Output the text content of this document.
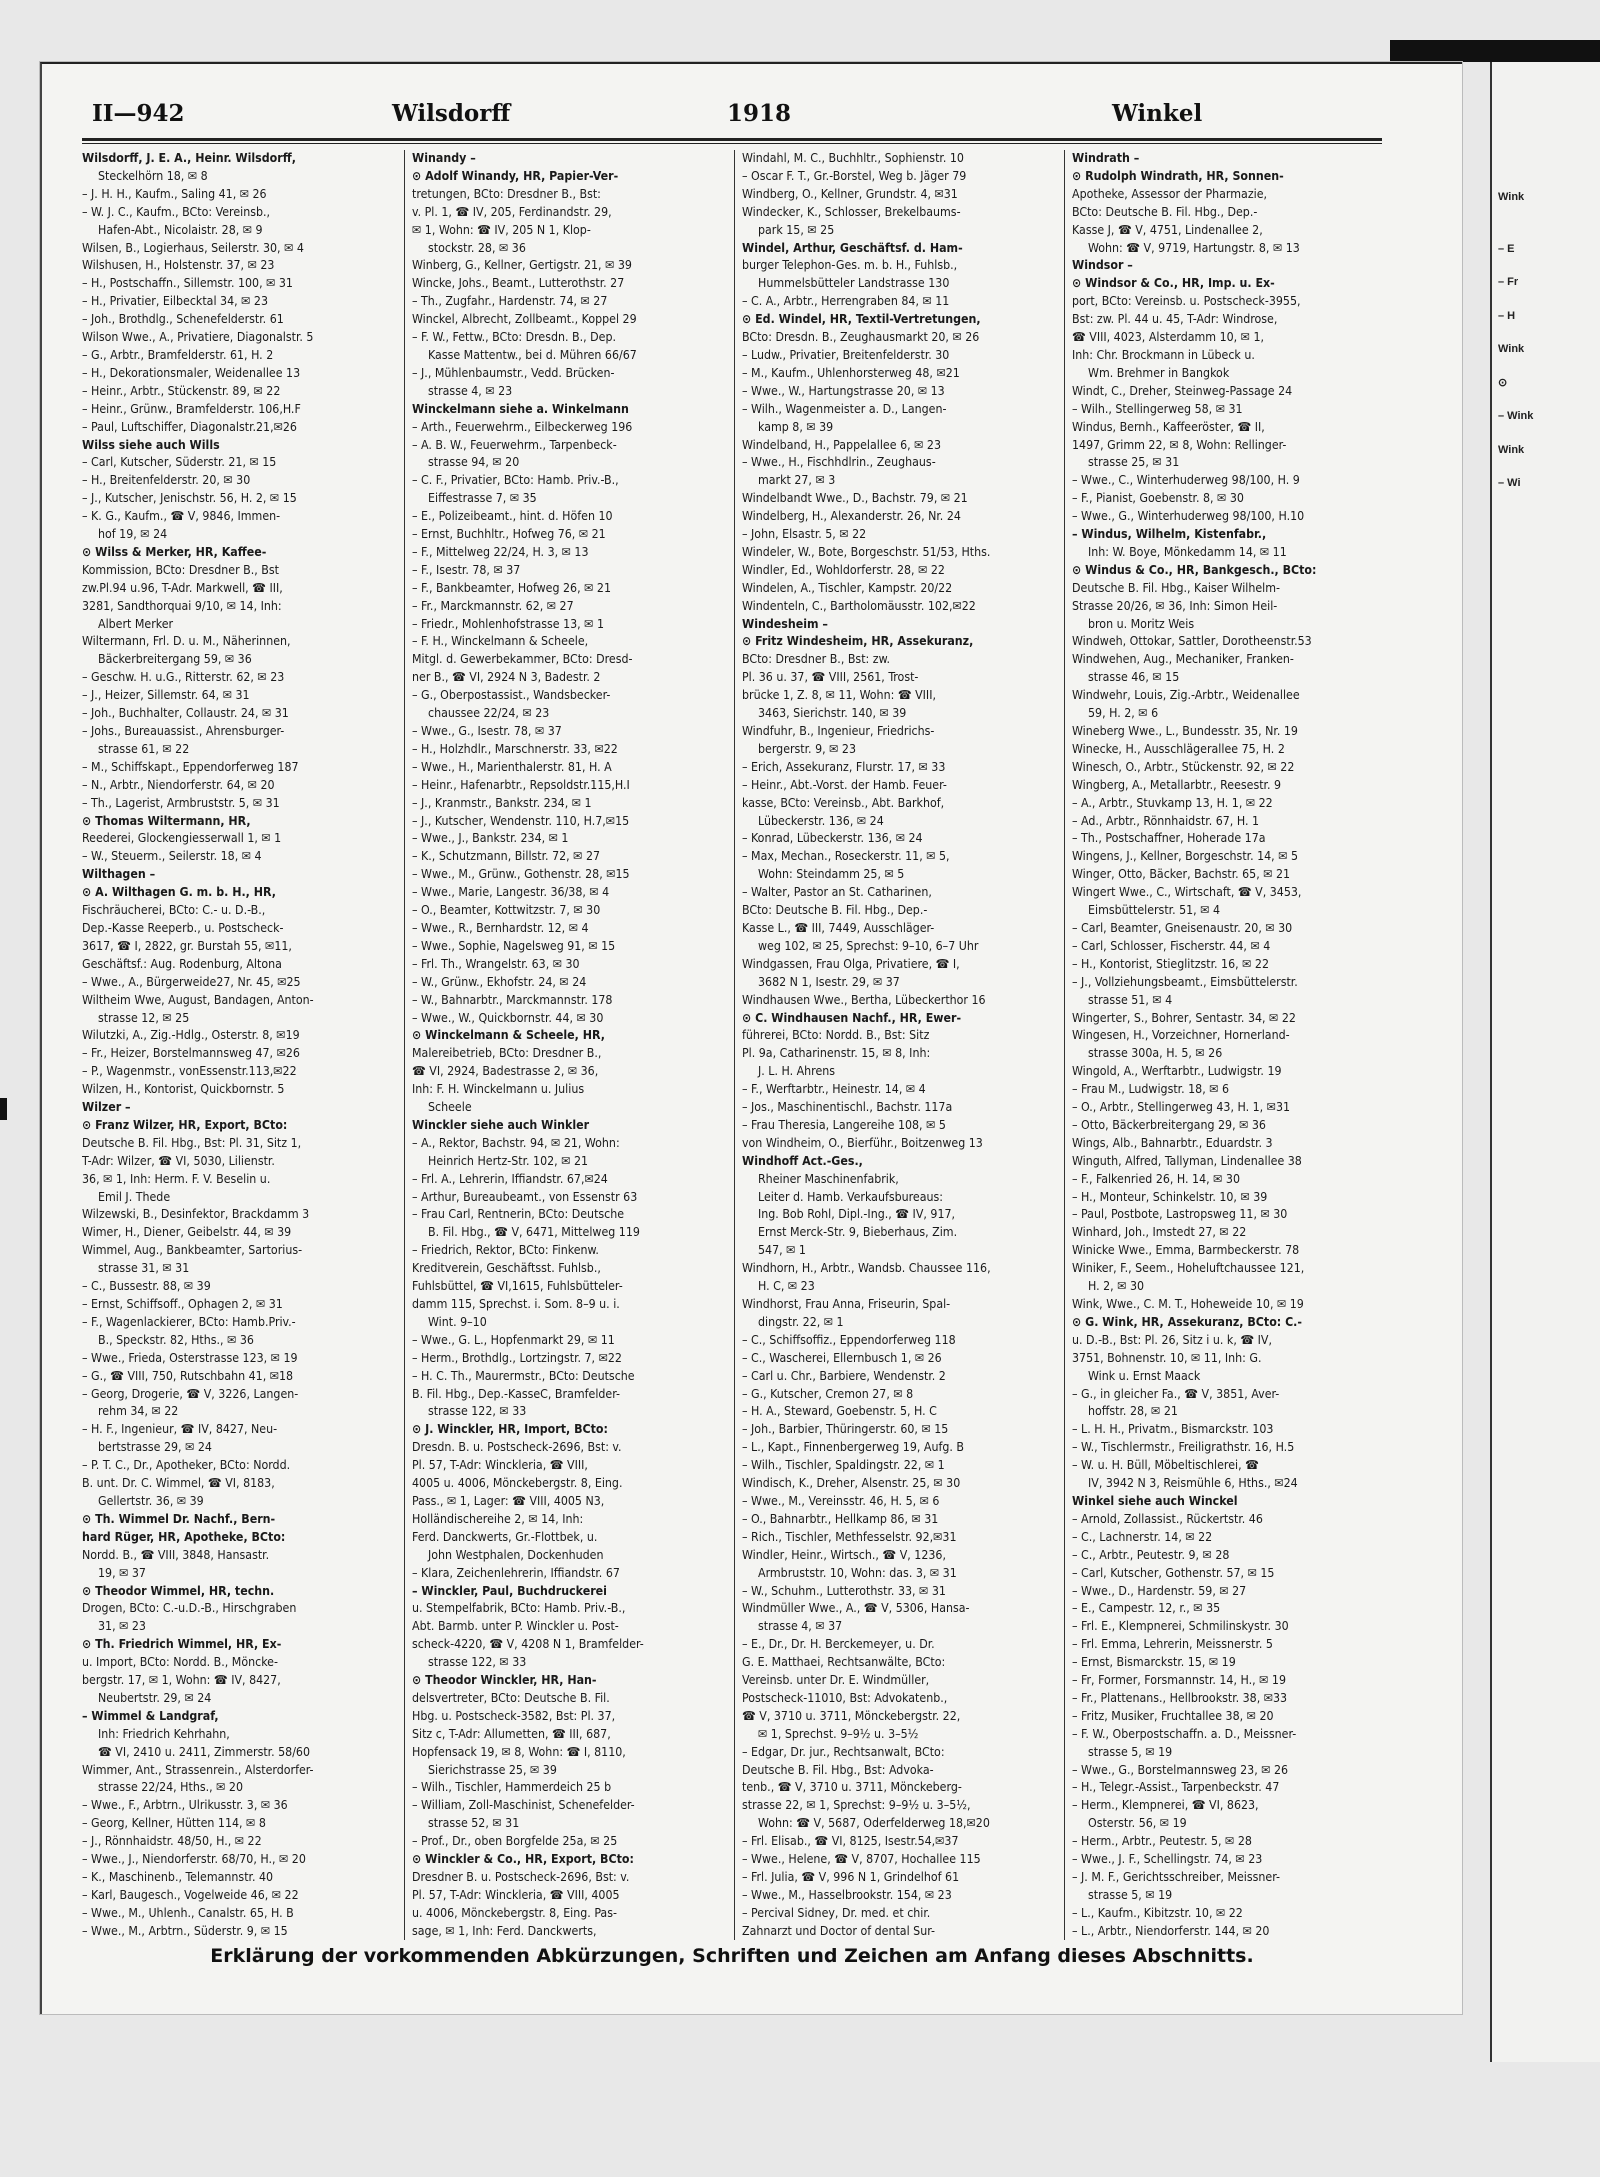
Wink
– E
– Fr
– H
Wink
⊙
– Wink
Wink
– Wi
II—942	Wilsdorff	1918	Winkel
Wilsdorff, J. E. A., Heinr. Wilsdorff,
Steckelhörn 18, ✉ 8
– J. H. H., Kaufm., Saling 41, ✉ 26
– W. J. C., Kaufm., BCto: Vereinsb.,
Hafen-Abt., Nicolaistr. 28, ✉ 9
Wilsen, B., Logierhaus, Seilerstr. 30, ✉ 4
Wilshusen, H., Holstenstr. 37, ✉ 23
– H., Postschaffn., Sillemstr. 100, ✉ 31
– H., Privatier, Eilbecktal 34, ✉ 23
– Joh., Brothdlg., Schenefelderstr. 61
Wilson Wwe., A., Privatiere, Diagonalstr. 5
– G., Arbtr., Bramfelderstr. 61, H. 2
– H., Dekorationsmaler, Weidenallee 13
– Heinr., Arbtr., Stückenstr. 89, ✉ 22
– Heinr., Grünw., Bramfelderstr. 106,H.F
– Paul, Luftschiffer, Diagonalstr.21,✉26
Wilss siehe auch Wills
– Carl, Kutscher, Süderstr. 21, ✉ 15
– H., Breitenfelderstr. 20, ✉ 30
– J., Kutscher, Jenischstr. 56, H. 2, ✉ 15
– K. G., Kaufm., ☎ V, 9846, Immen-
hof 19, ✉ 24
⊙ Wilss & Merker, HR, Kaffee-
Kommission, BCto: Dresdner B., Bst
zw.Pl.94 u.96, T-Adr. Markwell, ☎ III,
3281, Sandthorquai 9/10, ✉ 14, Inh:
Albert Merker
Wiltermann, Frl. D. u. M., Näherinnen,
Bäckerbreitergang 59, ✉ 36
– Geschw. H. u.G., Ritterstr. 62, ✉ 23
– J., Heizer, Sillemstr. 64, ✉ 31
– Joh., Buchhalter, Collaustr. 24, ✉ 31
– Johs., Bureauassist., Ahrensburger-
strasse 61, ✉ 22
– M., Schiffskapt., Eppendorferweg 187
– N., Arbtr., Niendorferstr. 64, ✉ 20
– Th., Lagerist, Armbruststr. 5, ✉ 31
⊙ Thomas Wiltermann, HR,
Reederei, Glockengiesserwall 1, ✉ 1
– W., Steuerm., Seilerstr. 18, ✉ 4
Wilthagen –
⊙ A. Wilthagen G. m. b. H., HR,
Fischräucherei, BCto: C.- u. D.-B.,
Dep.-Kasse Reeperb., u. Postscheck-
3617, ☎ I, 2822, gr. Burstah 55, ✉11,
Geschäftsf.: Aug. Rodenburg, Altona
– Wwe., A., Bürgerweide27, Nr. 45, ✉25
Wiltheim Wwe, August, Bandagen, Anton-
strasse 12, ✉ 25
Wilutzki, A., Zig.-Hdlg., Osterstr. 8, ✉19
– Fr., Heizer, Borstelmannsweg 47, ✉26
– P., Wagenmstr., vonEssenstr.113,✉22
Wilzen, H., Kontorist, Quickbornstr. 5
Wilzer –
⊙ Franz Wilzer, HR, Export, BCto:
Deutsche B. Fil. Hbg., Bst: Pl. 31, Sitz 1,
T-Adr: Wilzer, ☎ VI, 5030, Lilienstr.
36, ✉ 1, Inh: Herm. F. V. Beselin u.
Emil J. Thede
Wilzewski, B., Desinfektor, Brackdamm 3
Wimer, H., Diener, Geibelstr. 44, ✉ 39
Wimmel, Aug., Bankbeamter, Sartorius-
strasse 31, ✉ 31
– C., Bussestr. 88, ✉ 39
– Ernst, Schiffsoff., Ophagen 2, ✉ 31
– F., Wagenlackierer, BCto: Hamb.Priv.-
B., Speckstr. 82, Hths., ✉ 36
– Wwe., Frieda, Osterstrasse 123, ✉ 19
– G., ☎ VIII, 750, Rutschbahn 41, ✉18
– Georg, Drogerie, ☎ V, 3226, Langen-
rehm 34, ✉ 22
– H. F., Ingenieur, ☎ IV, 8427, Neu-
bertstrasse 29, ✉ 24
– P. T. C., Dr., Apotheker, BCto: Nordd.
B. unt. Dr. C. Wimmel, ☎ VI, 8183,
Gellertstr. 36, ✉ 39
⊙ Th. Wimmel Dr. Nachf., Bern-
hard Rüger, HR, Apotheke, BCto:
Nordd. B., ☎ VIII, 3848, Hansastr.
19, ✉ 37
⊙ Theodor Wimmel, HR, techn.
Drogen, BCto: C.-u.D.-B., Hirschgraben
31, ✉ 23
⊙ Th. Friedrich Wimmel, HR, Ex-
u. Import, BCto: Nordd. B., Möncke-
bergstr. 17, ✉ 1, Wohn: ☎ IV, 8427,
Neubertstr. 29, ✉ 24
– Wimmel & Landgraf,
Inh: Friedrich Kehrhahn,
☎ VI, 2410 u. 2411, Zimmerstr. 58/60
Wimmer, Ant., Strassenrein., Alsterdorfer-
strasse 22/24, Hths., ✉ 20
– Wwe., F., Arbtrn., Ulrikusstr. 3, ✉ 36
– Georg, Kellner, Hütten 114, ✉ 8
– J., Rönnhaidstr. 48/50, H., ✉ 22
– Wwe., J., Niendorferstr. 68/70, H., ✉ 20
– K., Maschinenb., Telemannstr. 40
– Karl, Baugesch., Vogelweide 46, ✉ 22
– Wwe., M., Uhlenh., Canalstr. 65, H. B
– Wwe., M., Arbtrn., Süderstr. 9, ✉ 15
Winandy –
⊙ Adolf Winandy, HR, Papier-Ver-
tretungen, BCto: Dresdner B., Bst:
v. Pl. 1, ☎ IV, 205, Ferdinandstr. 29,
✉ 1, Wohn: ☎ IV, 205 N 1, Klop-
stockstr. 28, ✉ 36
Winberg, G., Kellner, Gertigstr. 21, ✉ 39
Wincke, Johs., Beamt., Lutterothstr. 27
– Th., Zugfahr., Hardenstr. 74, ✉ 27
Winckel, Albrecht, Zollbeamt., Koppel 29
– F. W., Fettw., BCto: Dresdn. B., Dep.
Kasse Mattentw., bei d. Mühren 66/67
– J., Mühlenbaumstr., Vedd. Brücken-
strasse 4, ✉ 23
Winckelmann siehe a. Winkelmann
– Arth., Feuerwehrm., Eilbeckerweg 196
– A. B. W., Feuerwehrm., Tarpenbeck-
strasse 94, ✉ 20
– C. F., Privatier, BCto: Hamb. Priv.-B.,
Eiffestrasse 7, ✉ 35
– E., Polizeibeamt., hint. d. Höfen 10
– Ernst, Buchhltr., Hofweg 76, ✉ 21
– F., Mittelweg 22/24, H. 3, ✉ 13
– F., Isestr. 78, ✉ 37
– F., Bankbeamter, Hofweg 26, ✉ 21
– Fr., Marckmannstr. 62, ✉ 27
– Friedr., Mohlenhofstrasse 13, ✉ 1
– F. H., Winckelmann & Scheele,
Mitgl. d. Gewerbekammer, BCto: Dresd-
ner B., ☎ VI, 2924 N 3, Badestr. 2
– G., Oberpostassist., Wandsbecker-
chaussee 22/24, ✉ 23
– Wwe., G., Isestr. 78, ✉ 37
– H., Holzhdlr., Marschnerstr. 33, ✉22
– Wwe., H., Marienthalerstr. 81, H. A
– Heinr., Hafenarbtr., Repsoldstr.115,H.I
– J., Kranmstr., Bankstr. 234, ✉ 1
– J., Kutscher, Wendenstr. 110, H.7,✉15
– Wwe., J., Bankstr. 234, ✉ 1
– K., Schutzmann, Billstr. 72, ✉ 27
– Wwe., M., Grünw., Gothenstr. 28, ✉15
– Wwe., Marie, Langestr. 36/38, ✉ 4
– O., Beamter, Kottwitzstr. 7, ✉ 30
– Wwe., R., Bernhardstr. 12, ✉ 4
– Wwe., Sophie, Nagelsweg 91, ✉ 15
– Frl. Th., Wrangelstr. 63, ✉ 30
– W., Grünw., Ekhofstr. 24, ✉ 24
– W., Bahnarbtr., Marckmannstr. 178
– Wwe., W., Quickbornstr. 44, ✉ 30
⊙ Winckelmann & Scheele, HR,
Malereibetrieb, BCto: Dresdner B.,
☎ VI, 2924, Badestrasse 2, ✉ 36,
Inh: F. H. Winckelmann u. Julius
Scheele
Winckler siehe auch Winkler
– A., Rektor, Bachstr. 94, ✉ 21, Wohn:
Heinrich Hertz-Str. 102, ✉ 21
– Frl. A., Lehrerin, Iffiandstr. 67,✉24
– Arthur, Bureaubeamt., von Essenstr 63
– Frau Carl, Rentnerin, BCto: Deutsche
B. Fil. Hbg., ☎ V, 6471, Mittelweg 119
– Friedrich, Rektor, BCto: Finkenw.
Kreditverein, Geschäftsst. Fuhlsb.,
Fuhlsbüttel, ☎ VI,1615, Fuhlsbütteler-
damm 115, Sprechst. i. Som. 8–9 u. i.
Wint. 9–10
– Wwe., G. L., Hopfenmarkt 29, ✉ 11
– Herm., Brothdlg., Lortzingstr. 7, ✉22
– H. C. Th., Maurermstr., BCto: Deutsche
B. Fil. Hbg., Dep.-KasseC, Bramfelder-
strasse 122, ✉ 33
⊙ J. Winckler, HR, Import, BCto:
Dresdn. B. u. Postscheck-2696, Bst: v.
Pl. 57, T-Adr: Winckleria, ☎ VIII,
4005 u. 4006, Mönckebergstr. 8, Eing.
Pass., ✉ 1, Lager: ☎ VIII, 4005 N3,
Holländischereihe 2, ✉ 14, Inh:
Ferd. Danckwerts, Gr.-Flottbek, u.
John Westphalen, Dockenhuden
– Klara, Zeichenlehrerin, Iffiandstr. 67
– Winckler, Paul, Buchdruckerei
u. Stempelfabrik, BCto: Hamb. Priv.-B.,
Abt. Barmb. unter P. Winckler u. Post-
scheck-4220, ☎ V, 4208 N 1, Bramfelder-
strasse 122, ✉ 33
⊙ Theodor Winckler, HR, Han-
delsvertreter, BCto: Deutsche B. Fil.
Hbg. u. Postscheck-3582, Bst: Pl. 37,
Sitz c, T-Adr: Allumetten, ☎ III, 687,
Hopfensack 19, ✉ 8, Wohn: ☎ I, 8110,
Sierichstrasse 25, ✉ 39
– Wilh., Tischler, Hammerdeich 25 b
– William, Zoll-Maschinist, Schenefelder-
strasse 52, ✉ 31
– Prof., Dr., oben Borgfelde 25a, ✉ 25
⊙ Winckler & Co., HR, Export, BCto:
Dresdner B. u. Postscheck-2696, Bst: v.
Pl. 57, T-Adr: Winckleria, ☎ VIII, 4005
u. 4006, Mönckebergstr. 8, Eing. Pas-
sage, ✉ 1, Inh: Ferd. Danckwerts,
Windahl, M. C., Buchhltr., Sophienstr. 10
– Oscar F. T., Gr.-Borstel, Weg b. Jäger 79
Windberg, O., Kellner, Grundstr. 4, ✉31
Windecker, K., Schlosser, Brekelbaums-
park 15, ✉ 25
Windel, Arthur, Geschäftsf. d. Ham-
burger Telephon-Ges. m. b. H., Fuhlsb.,
Hummelsbütteler Landstrasse 130
– C. A., Arbtr., Herrengraben 84, ✉ 11
⊙ Ed. Windel, HR, Textil-Vertretungen,
BCto: Dresdn. B., Zeughausmarkt 20, ✉ 26
– Ludw., Privatier, Breitenfelderstr. 30
– M., Kaufm., Uhlenhorsterweg 48, ✉21
– Wwe., W., Hartungstrasse 20, ✉ 13
– Wilh., Wagenmeister a. D., Langen-
kamp 8, ✉ 39
Windelband, H., Pappelallee 6, ✉ 23
– Wwe., H., Fischhdlrin., Zeughaus-
markt 27, ✉ 3
Windelbandt Wwe., D., Bachstr. 79, ✉ 21
Windelberg, H., Alexanderstr. 26, Nr. 24
– John, Elsastr. 5, ✉ 22
Windeler, W., Bote, Borgeschstr. 51/53, Hths.
Windler, Ed., Wohldorferstr. 28, ✉ 22
Windelen, A., Tischler, Kampstr. 20/22
Windenteln, C., Bartholomäusstr. 102,✉22
Windesheim –
⊙ Fritz Windesheim, HR, Assekuranz,
BCto: Dresdner B., Bst: zw.
Pl. 36 u. 37, ☎ VIII, 2561, Trost-
brücke 1, Z. 8, ✉ 11, Wohn: ☎ VIII,
3463, Sierichstr. 140, ✉ 39
Windfuhr, B., Ingenieur, Friedrichs-
bergerstr. 9, ✉ 23
– Erich, Assekuranz, Flurstr. 17, ✉ 33
– Heinr., Abt.-Vorst. der Hamb. Feuer-
kasse, BCto: Vereinsb., Abt. Barkhof,
Lübeckerstr. 136, ✉ 24
– Konrad, Lübeckerstr. 136, ✉ 24
– Max, Mechan., Roseckerstr. 11, ✉ 5,
Wohn: Steindamm 25, ✉ 5
– Walter, Pastor an St. Catharinen,
BCto: Deutsche B. Fil. Hbg., Dep.-
Kasse L., ☎ III, 7449, Ausschläger-
weg 102, ✉ 25, Sprechst: 9–10, 6–7 Uhr
Windgassen, Frau Olga, Privatiere, ☎ I,
3682 N 1, Isestr. 29, ✉ 37
Windhausen Wwe., Bertha, Lübeckerthor 16
⊙ C. Windhausen Nachf., HR, Ewer-
führerei, BCto: Nordd. B., Bst: Sitz
Pl. 9a, Catharinenstr. 15, ✉ 8, Inh:
J. L. H. Ahrens
– F., Werftarbtr., Heinestr. 14, ✉ 4
– Jos., Maschinentischl., Bachstr. 117a
– Frau Theresia, Langereihe 108, ✉ 5
von Windheim, O., Bierführ., Boitzenweg 13
Windhoff Act.-Ges.,
Rheiner Maschinenfabrik,
Leiter d. Hamb. Verkaufsbureaus:
Ing. Bob Rohl, Dipl.-Ing., ☎ IV, 917,
Ernst Merck-Str. 9, Bieberhaus, Zim.
547, ✉ 1
Windhorn, H., Arbtr., Wandsb. Chaussee 116,
H. C, ✉ 23
Windhorst, Frau Anna, Friseurin, Spal-
dingstr. 22, ✉ 1
– C., Schiffsoffiz., Eppendorferweg 118
– C., Wascherei, Ellernbusch 1, ✉ 26
– Carl u. Chr., Barbiere, Wendenstr. 2
– G., Kutscher, Cremon 27, ✉ 8
– H. A., Steward, Goebenstr. 5, H. C
– Joh., Barbier, Thüringerstr. 60, ✉ 15
– L., Kapt., Finnenbergerweg 19, Aufg. B
– Wilh., Tischler, Spaldingstr. 22, ✉ 1
Windisch, K., Dreher, Alsenstr. 25, ✉ 30
– Wwe., M., Vereinsstr. 46, H. 5, ✉ 6
– O., Bahnarbtr., Hellkamp 86, ✉ 31
– Rich., Tischler, Methfesselstr. 92,✉31
Windler, Heinr., Wirtsch., ☎ V, 1236,
Armbruststr. 10, Wohn: das. 3, ✉ 31
– W., Schuhm., Lutterothstr. 33, ✉ 31
Windmüller Wwe., A., ☎ V, 5306, Hansa-
strasse 4, ✉ 37
– E., Dr., Dr. H. Berckemeyer, u. Dr.
G. E. Matthaei, Rechtsanwälte, BCto:
Vereinsb. unter Dr. E. Windmüller,
Postscheck-11010, Bst: Advokatenb.,
☎ V, 3710 u. 3711, Mönckebergstr. 22,
✉ 1, Sprechst. 9–9½ u. 3–5½
– Edgar, Dr. jur., Rechtsanwalt, BCto:
Deutsche B. Fil. Hbg., Bst: Advoka-
tenb., ☎ V, 3710 u. 3711, Mönckeberg-
strasse 22, ✉ 1, Sprechst: 9–9½ u. 3–5½,
Wohn: ☎ V, 5687, Oderfelderweg 18,✉20
– Frl. Elisab., ☎ VI, 8125, Isestr.54,✉37
– Wwe., Helene, ☎ V, 8707, Hochallee 115
– Frl. Julia, ☎ V, 996 N 1, Grindelhof 61
– Wwe., M., Hasselbrookstr. 154, ✉ 23
– Percival Sidney, Dr. med. et chir.
Zahnarzt und Doctor of dental Sur-
Windrath –
⊙ Rudolph Windrath, HR, Sonnen-
Apotheke, Assessor der Pharmazie,
BCto: Deutsche B. Fil. Hbg., Dep.-
Kasse J, ☎ V, 4751, Lindenallee 2,
Wohn: ☎ V, 9719, Hartungstr. 8, ✉ 13
Windsor –
⊙ Windsor & Co., HR, Imp. u. Ex-
port, BCto: Vereinsb. u. Postscheck-3955,
Bst: zw. Pl. 44 u. 45, T-Adr: Windrose,
☎ VIII, 4023, Alsterdamm 10, ✉ 1,
Inh: Chr. Brockmann in Lübeck u.
Wm. Brehmer in Bangkok
Windt, C., Dreher, Steinweg-Passage 24
– Wilh., Stellingerweg 58, ✉ 31
Windus, Bernh., Kaffeeröster, ☎ II,
1497, Grimm 22, ✉ 8, Wohn: Rellinger-
strasse 25, ✉ 31
– Wwe., C., Winterhuderweg 98/100, H. 9
– F., Pianist, Goebenstr. 8, ✉ 30
– Wwe., G., Winterhuderweg 98/100, H.10
– Windus, Wilhelm, Kistenfabr.,
Inh: W. Boye, Mönkedamm 14, ✉ 11
⊙ Windus & Co., HR, Bankgesch., BCto:
Deutsche B. Fil. Hbg., Kaiser Wilhelm-
Strasse 20/26, ✉ 36, Inh: Simon Heil-
bron u. Moritz Weis
Windweh, Ottokar, Sattler, Dorotheenstr.53
Windwehen, Aug., Mechaniker, Franken-
strasse 46, ✉ 15
Windwehr, Louis, Zig.-Arbtr., Weidenallee
59, H. 2, ✉ 6
Wineberg Wwe., L., Bundesstr. 35, Nr. 19
Winecke, H., Ausschlägerallee 75, H. 2
Winesch, O., Arbtr., Stückenstr. 92, ✉ 22
Wingberg, A., Metallarbtr., Reesestr. 9
– A., Arbtr., Stuvkamp 13, H. 1, ✉ 22
– Ad., Arbtr., Rönnhaidstr. 67, H. 1
– Th., Postschaffner, Hoherade 17a
Wingens, J., Kellner, Borgeschstr. 14, ✉ 5
Winger, Otto, Bäcker, Bachstr. 65, ✉ 21
Wingert Wwe., C., Wirtschaft, ☎ V, 3453,
Eimsbüttelerstr. 51, ✉ 4
– Carl, Beamter, Gneisenaustr. 20, ✉ 30
– Carl, Schlosser, Fischerstr. 44, ✉ 4
– H., Kontorist, Stieglitzstr. 16, ✉ 22
– J., Vollziehungsbeamt., Eimsbüttelerstr.
strasse 51, ✉ 4
Wingerter, S., Bohrer, Sentastr. 34, ✉ 22
Wingesen, H., Vorzeichner, Hornerland-
strasse 300a, H. 5, ✉ 26
Wingold, A., Werftarbtr., Ludwigstr. 19
– Frau M., Ludwigstr. 18, ✉ 6
– O., Arbtr., Stellingerweg 43, H. 1, ✉31
– Otto, Bäckerbreitergang 29, ✉ 36
Wings, Alb., Bahnarbtr., Eduardstr. 3
Winguth, Alfred, Tallyman, Lindenallee 38
– F., Falkenried 26, H. 14, ✉ 30
– H., Monteur, Schinkelstr. 10, ✉ 39
– Paul, Postbote, Lastropsweg 11, ✉ 30
Winhard, Joh., Imstedt 27, ✉ 22
Winicke Wwe., Emma, Barmbeckerstr. 78
Winiker, F., Seem., Hoheluftchaussee 121,
H. 2, ✉ 30
Wink, Wwe., C. M. T., Hoheweide 10, ✉ 19
⊙ G. Wink, HR, Assekuranz, BCto: C.-
u. D.-B., Bst: Pl. 26, Sitz i u. k, ☎ IV,
3751, Bohnenstr. 10, ✉ 11, Inh: G.
Wink u. Ernst Maack
– G., in gleicher Fa., ☎ V, 3851, Aver-
hoffstr. 28, ✉ 21
– L. H. H., Privatm., Bismarckstr. 103
– W., Tischlermstr., Freiligrathstr. 16, H.5
– W. u. H. Büll, Möbeltischlerei, ☎
IV, 3942 N 3, Reismühle 6, Hths., ✉24
Winkel siehe auch Winckel
– Arnold, Zollassist., Rückertstr. 46
– C., Lachnerstr. 14, ✉ 22
– C., Arbtr., Peutestr. 9, ✉ 28
– Carl, Kutscher, Gothenstr. 57, ✉ 15
– Wwe., D., Hardenstr. 59, ✉ 27
– E., Campestr. 12, r., ✉ 35
– Frl. E., Klempnerei, Schmilinskystr. 30
– Frl. Emma, Lehrerin, Meissnerstr. 5
– Ernst, Bismarckstr. 15, ✉ 19
– Fr, Former, Forsmannstr. 14, H., ✉ 19
– Fr., Plattenans., Hellbrookstr. 38, ✉33
– Fritz, Musiker, Fruchtallee 38, ✉ 20
– F. W., Oberpostschaffn. a. D., Meissner-
strasse 5, ✉ 19
– Wwe., G., Borstelmannsweg 23, ✉ 26
– H., Telegr.-Assist., Tarpenbeckstr. 47
– Herm., Klempnerei, ☎ VI, 8623,
Osterstr. 56, ✉ 19
– Herm., Arbtr., Peutestr. 5, ✉ 28
– Wwe., J. F., Schellingstr. 74, ✉ 23
– J. M. F., Gerichtsschreiber, Meissner-
strasse 5, ✉ 19
– L., Kaufm., Kibitzstr. 10, ✉ 22
– L., Arbtr., Niendorferstr. 144, ✉ 20
Erklärung der vorkommenden Abkürzungen, Schriften und Zeichen am Anfang dieses Abschnitts.
